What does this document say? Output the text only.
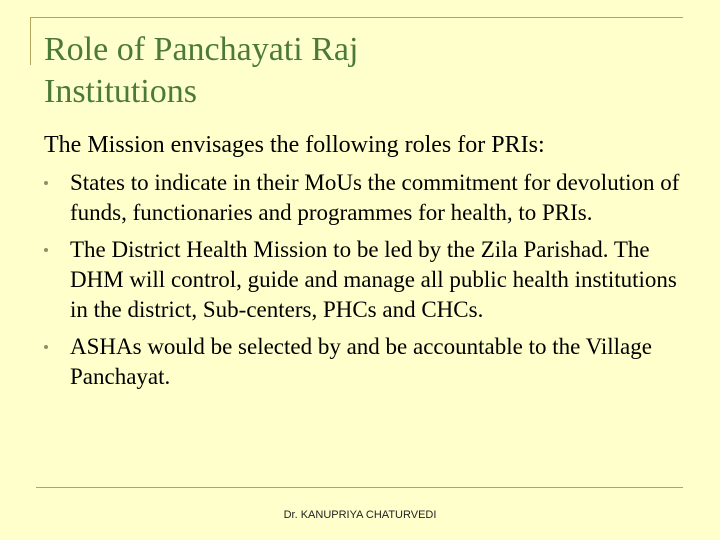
Role of Panchayati Raj
Institutions
The Mission envisages the following roles for PRIs:
States to indicate in their MoUs the commitment for devolution of funds, functionaries and programmes for health, to PRIs.
The District Health Mission to be led by the Zila Parishad. The DHM will control, guide and manage all public health institutions in the district, Sub-centers, PHCs and CHCs.
ASHAs would be selected by and be accountable to the Village Panchayat.
Dr. KANUPRIYA CHATURVEDI
